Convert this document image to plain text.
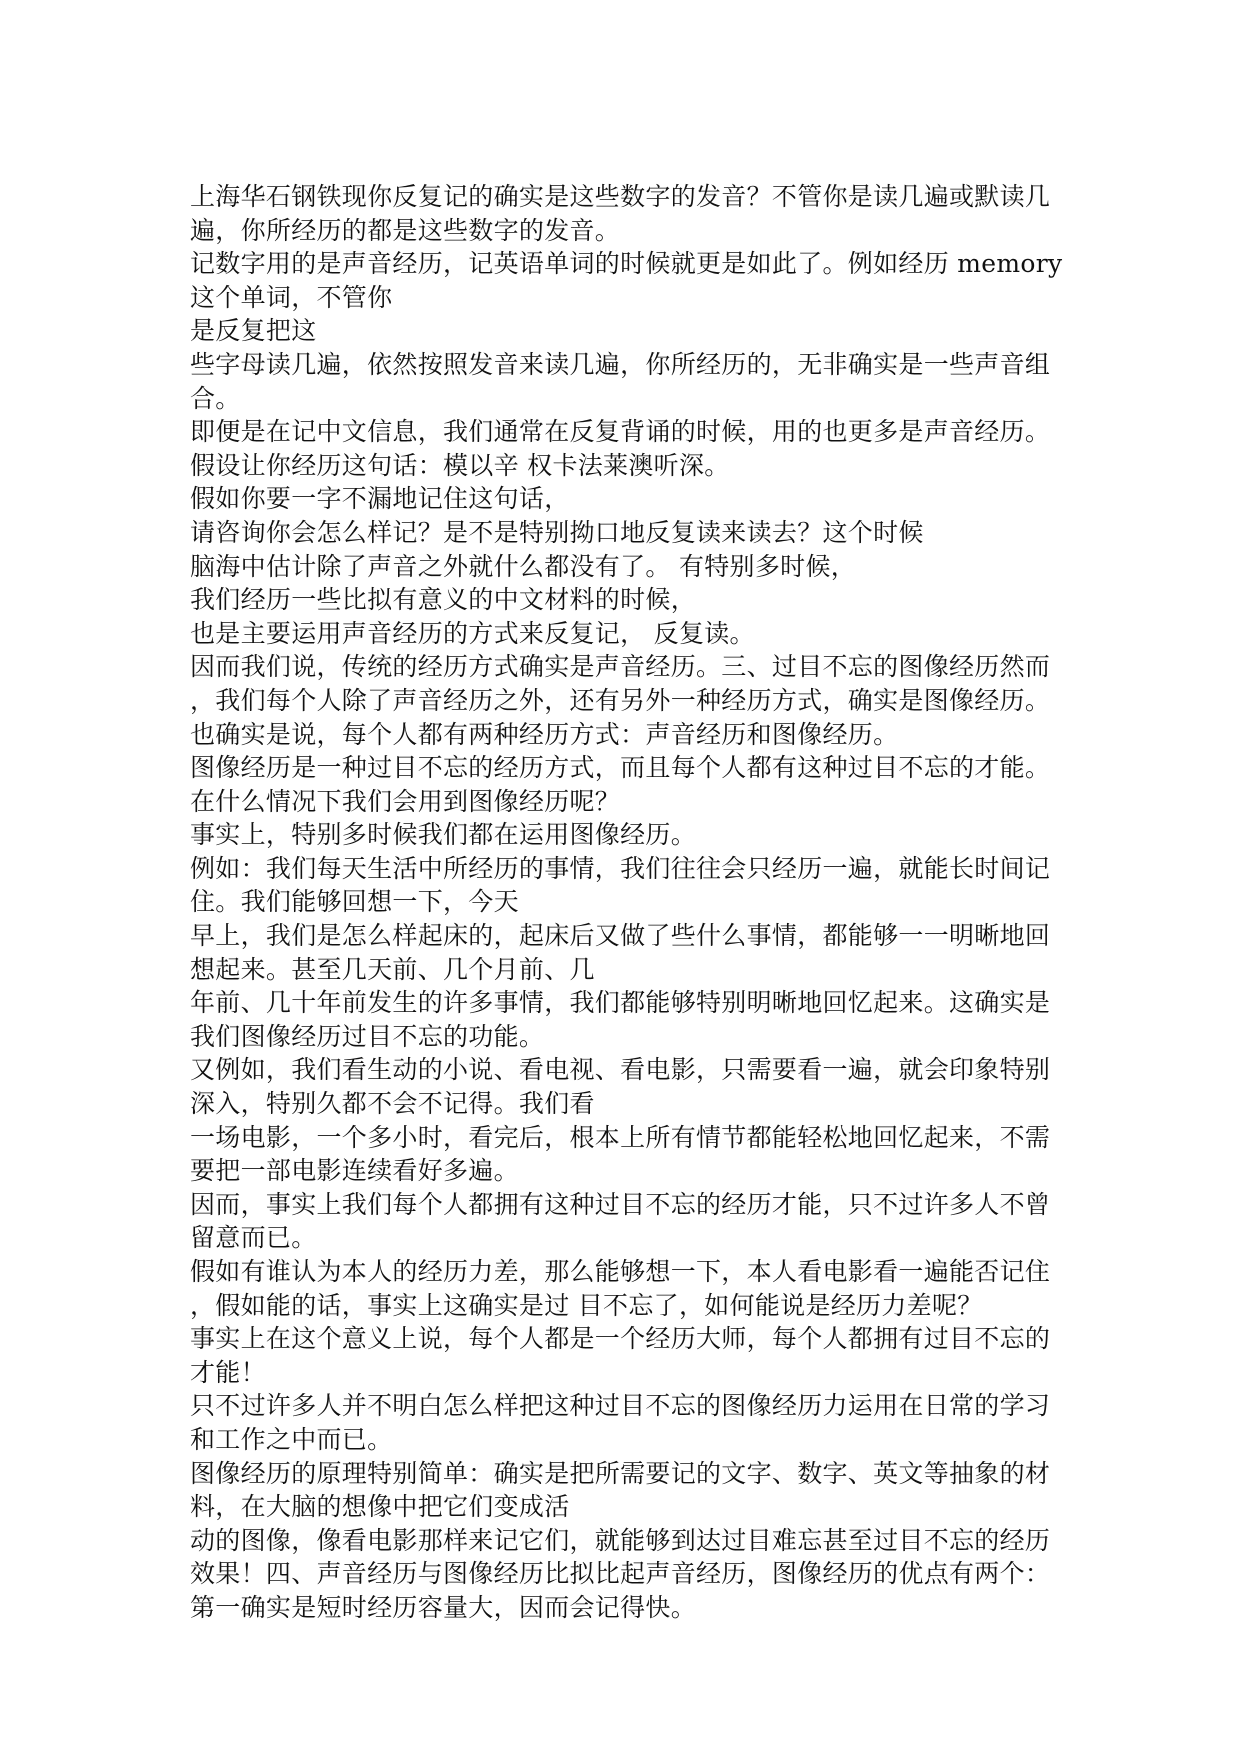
上海华石钢铁现你反复记的确实是这些数字的发音？不管你是读几遍或默读几
遍，你所经历的都是这些数字的发音。
记数字用的是声音经历，记英语单词的时候就更是如此了。例如经历 memory
这个单词，不管你
是反复把这
些字母读几遍，依然按照发音来读几遍，你所经历的，无非确实是一些声音组
合。
即便是在记中文信息，我们通常在反复背诵的时候，用的也更多是声音经历。
假设让你经历这句话：模以辛 权卡法莱澳听深。
假如你要一字不漏地记住这句话，
请咨询你会怎么样记？是不是特别拗口地反复读来读去？这个时候
脑海中估计除了声音之外就什么都没有了。 有特别多时候，
我们经历一些比拟有意义的中文材料的时候，
也是主要运用声音经历的方式来反复记， 反复读。
因而我们说，传统的经历方式确实是声音经历。三、过目不忘的图像经历然而
，我们每个人除了声音经历之外，还有另外一种经历方式，确实是图像经历。
也确实是说，每个人都有两种经历方式：声音经历和图像经历。
图像经历是一种过目不忘的经历方式，而且每个人都有这种过目不忘的才能。
在什么情况下我们会用到图像经历呢？
事实上，特别多时候我们都在运用图像经历。
例如：我们每天生活中所经历的事情，我们往往会只经历一遍，就能长时间记
住。我们能够回想一下，今天
早上，我们是怎么样起床的，起床后又做了些什么事情，都能够一一明晰地回
想起来。甚至几天前、几个月前、几
年前、几十年前发生的许多事情，我们都能够特别明晰地回忆起来。这确实是
我们图像经历过目不忘的功能。
又例如，我们看生动的小说、看电视、看电影，只需要看一遍，就会印象特别
深入，特别久都不会不记得。我们看
一场电影，一个多小时，看完后，根本上所有情节都能轻松地回忆起来，不需
要把一部电影连续看好多遍。
因而，事实上我们每个人都拥有这种过目不忘的经历才能，只不过许多人不曾
留意而已。
假如有谁认为本人的经历力差，那么能够想一下，本人看电影看一遍能否记住
，假如能的话，事实上这确实是过 目不忘了，如何能说是经历力差呢？
事实上在这个意义上说，每个人都是一个经历大师，每个人都拥有过目不忘的
才能！
只不过许多人并不明白怎么样把这种过目不忘的图像经历力运用在日常的学习
和工作之中而已。
图像经历的原理特别简单：确实是把所需要记的文字、数字、英文等抽象的材
料，在大脑的想像中把它们变成活
动的图像，像看电影那样来记它们，就能够到达过目难忘甚至过目不忘的经历
效果！四、声音经历与图像经历比拟比起声音经历，图像经历的优点有两个：
第一确实是短时经历容量大，因而会记得快。
